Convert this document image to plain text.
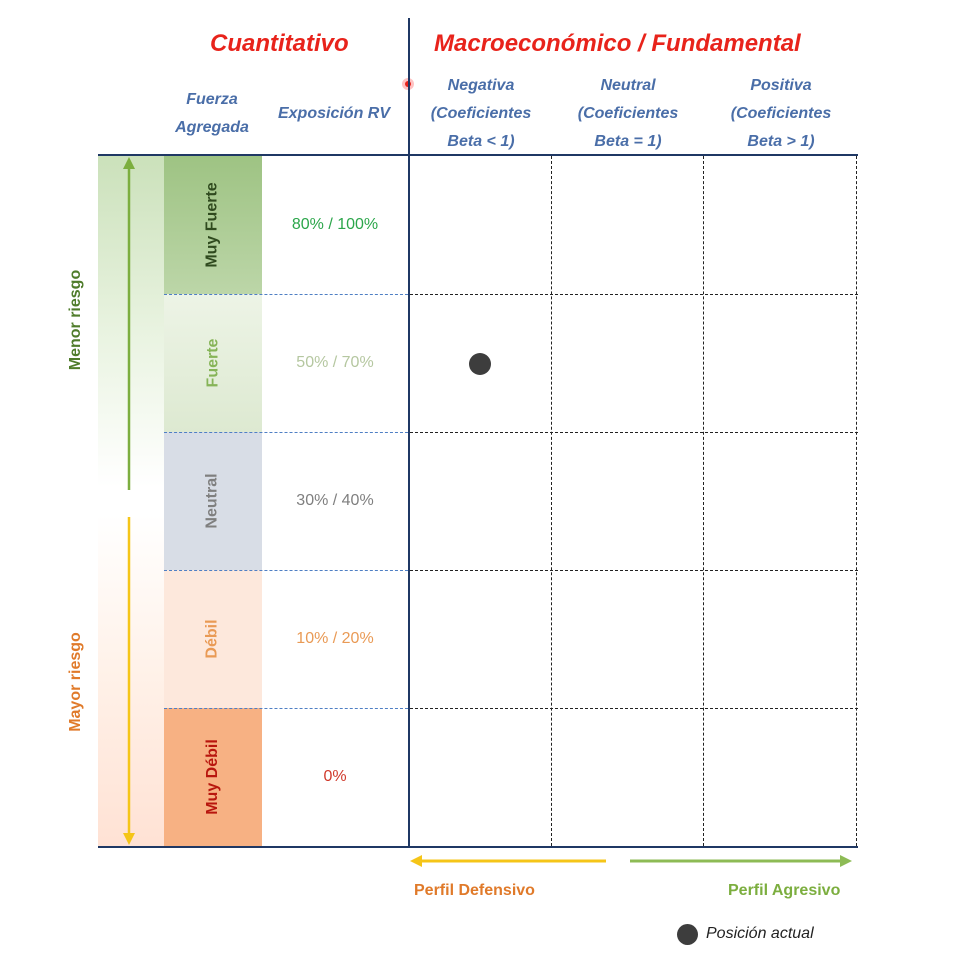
Cuantitativo	Macroeconómico / Fundamental
Fuerza
Agregada
Exposición RV
Negativa
(Coeficientes
Beta < 1)
Neutral
(Coeficientes
Beta = 1)
Positiva
(Coeficientes
Beta > 1)
Menor riesgo
Mayor riesgo
Muy Fuerte
Fuerte
Neutral
Débil
Muy Débil
80% / 100%
50% / 70%
30% / 40%
10% / 20%
0%
Perfil Defensivo	Perfil Agresivo
Posición actual
